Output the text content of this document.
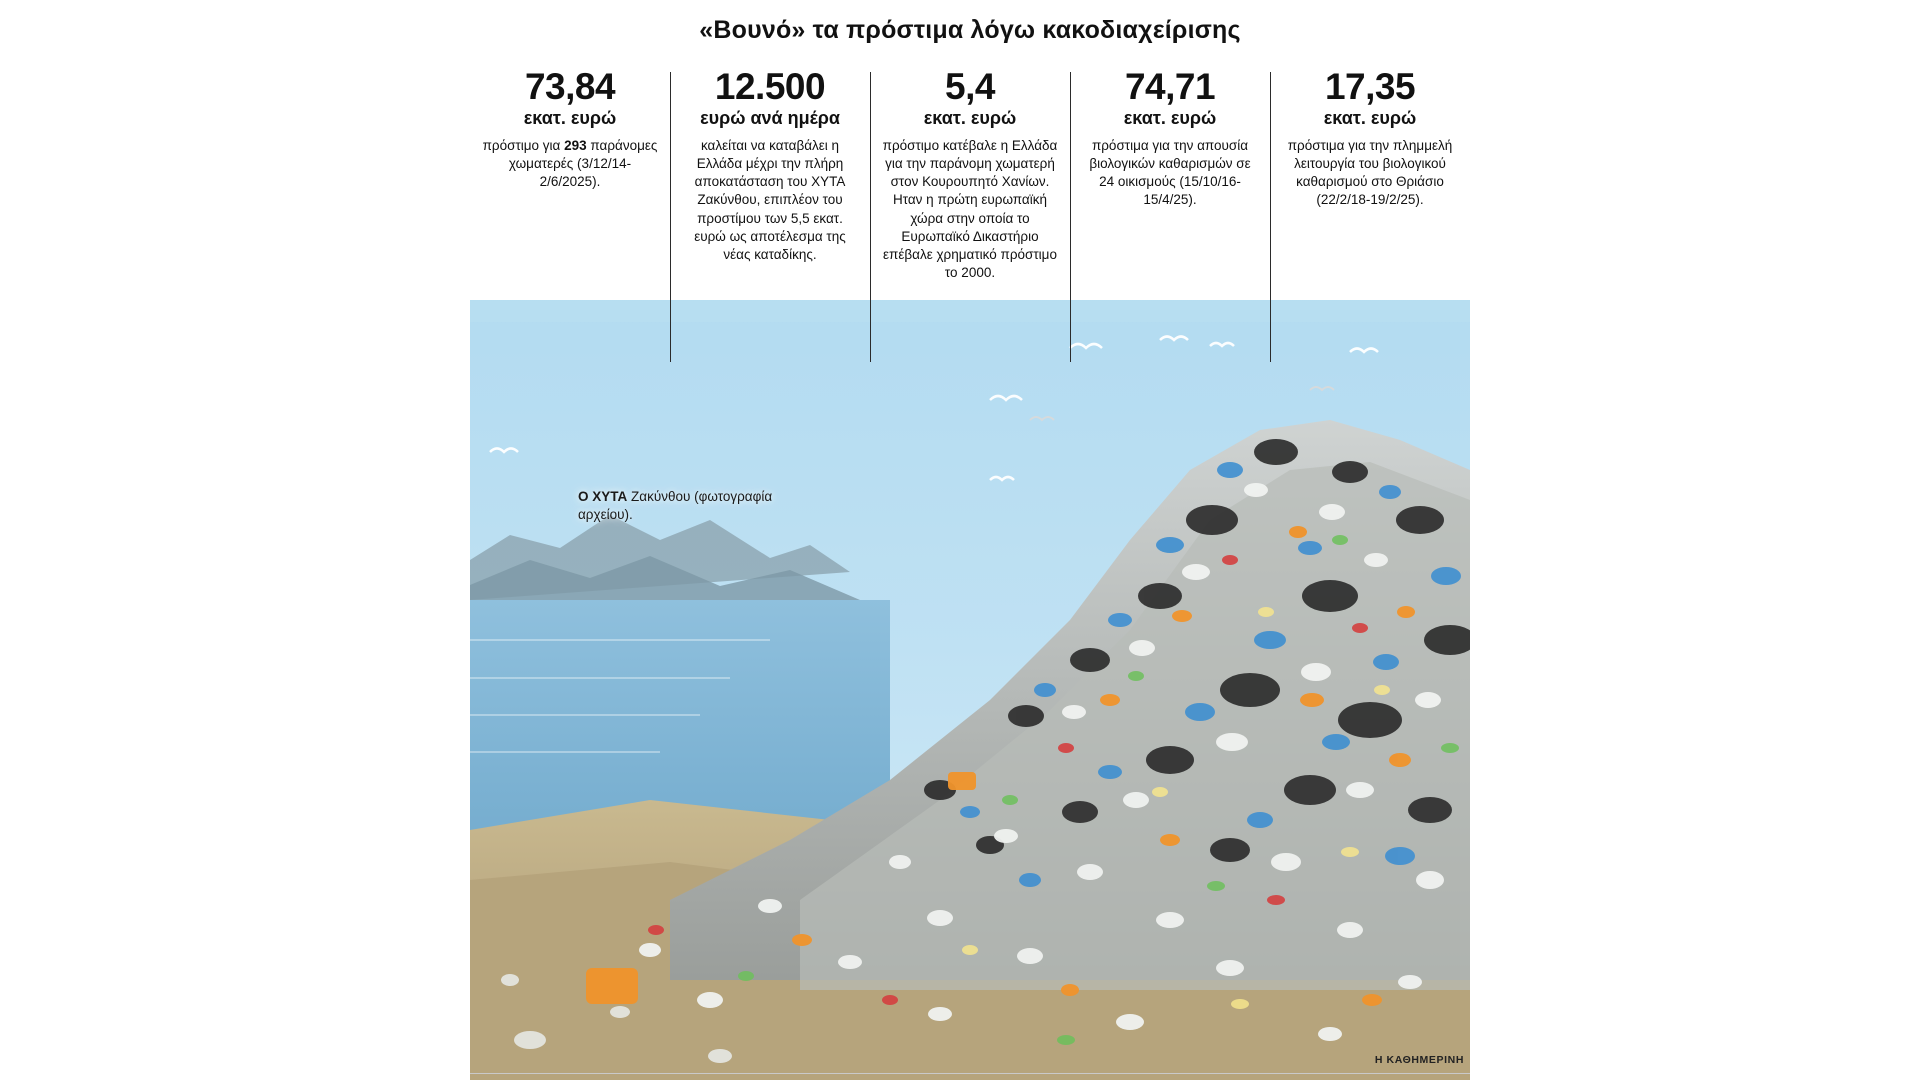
Ο ΧΥΤΑ Ζακύνθου (φωτογραφία αρχείου).
Η ΚΑΘΗΜΕΡΙΝΗ
«Βουνό» τα πρόστιμα λόγω κακοδιαχείρισης
73,84
εκατ. ευρώ
πρόστιμο για 293 παράνομες χωματερές (3/12/14-2/6/2025).
12.500
ευρώ ανά ημέρα
καλείται να καταβάλει η Ελλάδα μέχρι την πλήρη αποκατάσταση του ΧΥΤΑ Ζακύνθου, επιπλέον του προστίμου των 5,5 εκατ. ευρώ ως αποτέλεσμα της νέας καταδίκης.
5,4
εκατ. ευρώ
πρόστιμο κατέβαλε η Ελλάδα για την παράνομη χωματερή στον Κουρουπητό Χανίων. Ηταν η πρώτη ευρωπαϊκή χώρα στην οποία το Ευρωπαϊκό Δικαστήριο επέβαλε χρηματικό πρόστιμο το 2000.
74,71
εκατ. ευρώ
πρόστιμα για την απουσία βιολογικών καθαρισμών σε 24 οικισμούς (15/10/16-15/4/25).
17,35
εκατ. ευρώ
πρόστιμα για την πλημμελή λειτουργία του βιολογικού καθαρισμού στο Θριάσιο (22/2/18-19/2/25).
